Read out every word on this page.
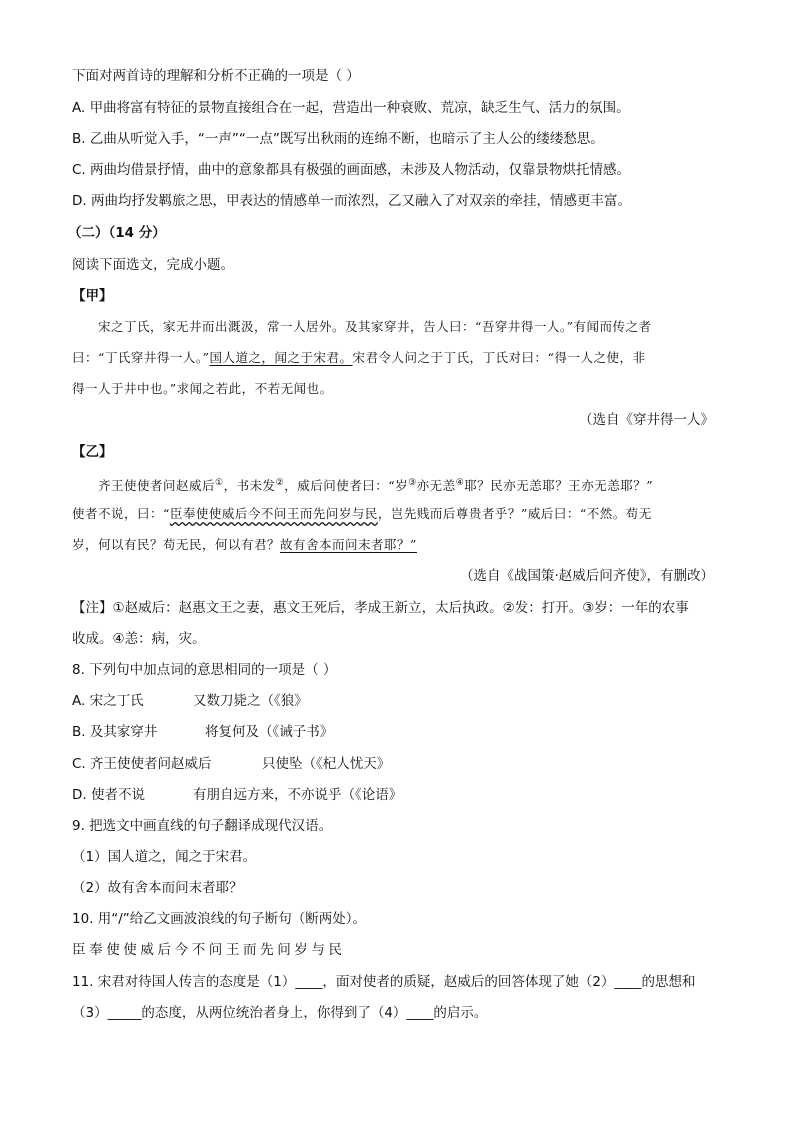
下面对两首诗的理解和分析不正确的一项是（ ）
A. 甲曲将富有特征的景物直接组合在一起，营造出一种衰败、荒凉，缺乏生气、活力的氛围。
B. 乙曲从听觉入手，“一声”“一点”既写出秋雨的连绵不断，也暗示了主人公的缕缕愁思。
C. 两曲均借景抒情，曲中的意象都具有极强的画面感，未涉及人物活动，仅靠景物烘托情感。
D. 两曲均抒发羁旅之思，甲表达的情感单一而浓烈，乙又融入了对双亲的牵挂，情感更丰富。
（二）（14 分）
阅读下面选文，完成小题。
【甲】
宋之丁氏，家无井而出溉汲，常一人居外。及其家穿井，告人曰：“吾穿井得一人。”有闻而传之者
曰：“丁氏穿井得一人。”国人道之，闻之于宋君。宋君令人问之于丁氏，丁氏对曰：“得一人之使，非
得一人于井中也。”求闻之若此，不若无闻也。
（选自《穿井得一人》
【乙】
齐王使使者问赵威后①，书未发②，威后问使者曰：“岁③亦无恙④耶？民亦无恙耶？王亦无恙耶？”
使者不说，曰：“臣奉使使威后今不问王而先问岁与民，岂先贱而后尊贵者乎？”威后曰：“不然。苟无
岁，何以有民？苟无民，何以有君？故有舍本而问末者耶？”
（选自《战国策·赵威后问齐使》，有删改）
【注】①赵威后：赵惠文王之妻，惠文王死后，孝成王新立，太后执政。②发：打开。③岁：一年的农事
收成。④恙：病，灾。
8. 下列句中加点词的意思相同的一项是（ ）
A. 宋之丁氏	又数刀毙之（《狼》
B. 及其家穿井	将复何及（《诫子书》
C. 齐王使使者问赵威后	只使坠（《杞人忧天》
D. 使者不说	有朋自远方来，不亦说乎（《论语》
9. 把选文中画直线的句子翻译成现代汉语。
（1）国人道之，闻之于宋君。
（2）故有舍本而问末者耶？
10. 用“/”给乙文画波浪线的句子断句（断两处）。
臣奉使使威后今不问王而先问岁与民
11. 宋君对待国人传言的态度是（1）____，面对使者的质疑，赵威后的回答体现了她（2）____的思想和
（3）_____的态度，从两位统治者身上，你得到了（4）____的启示。
